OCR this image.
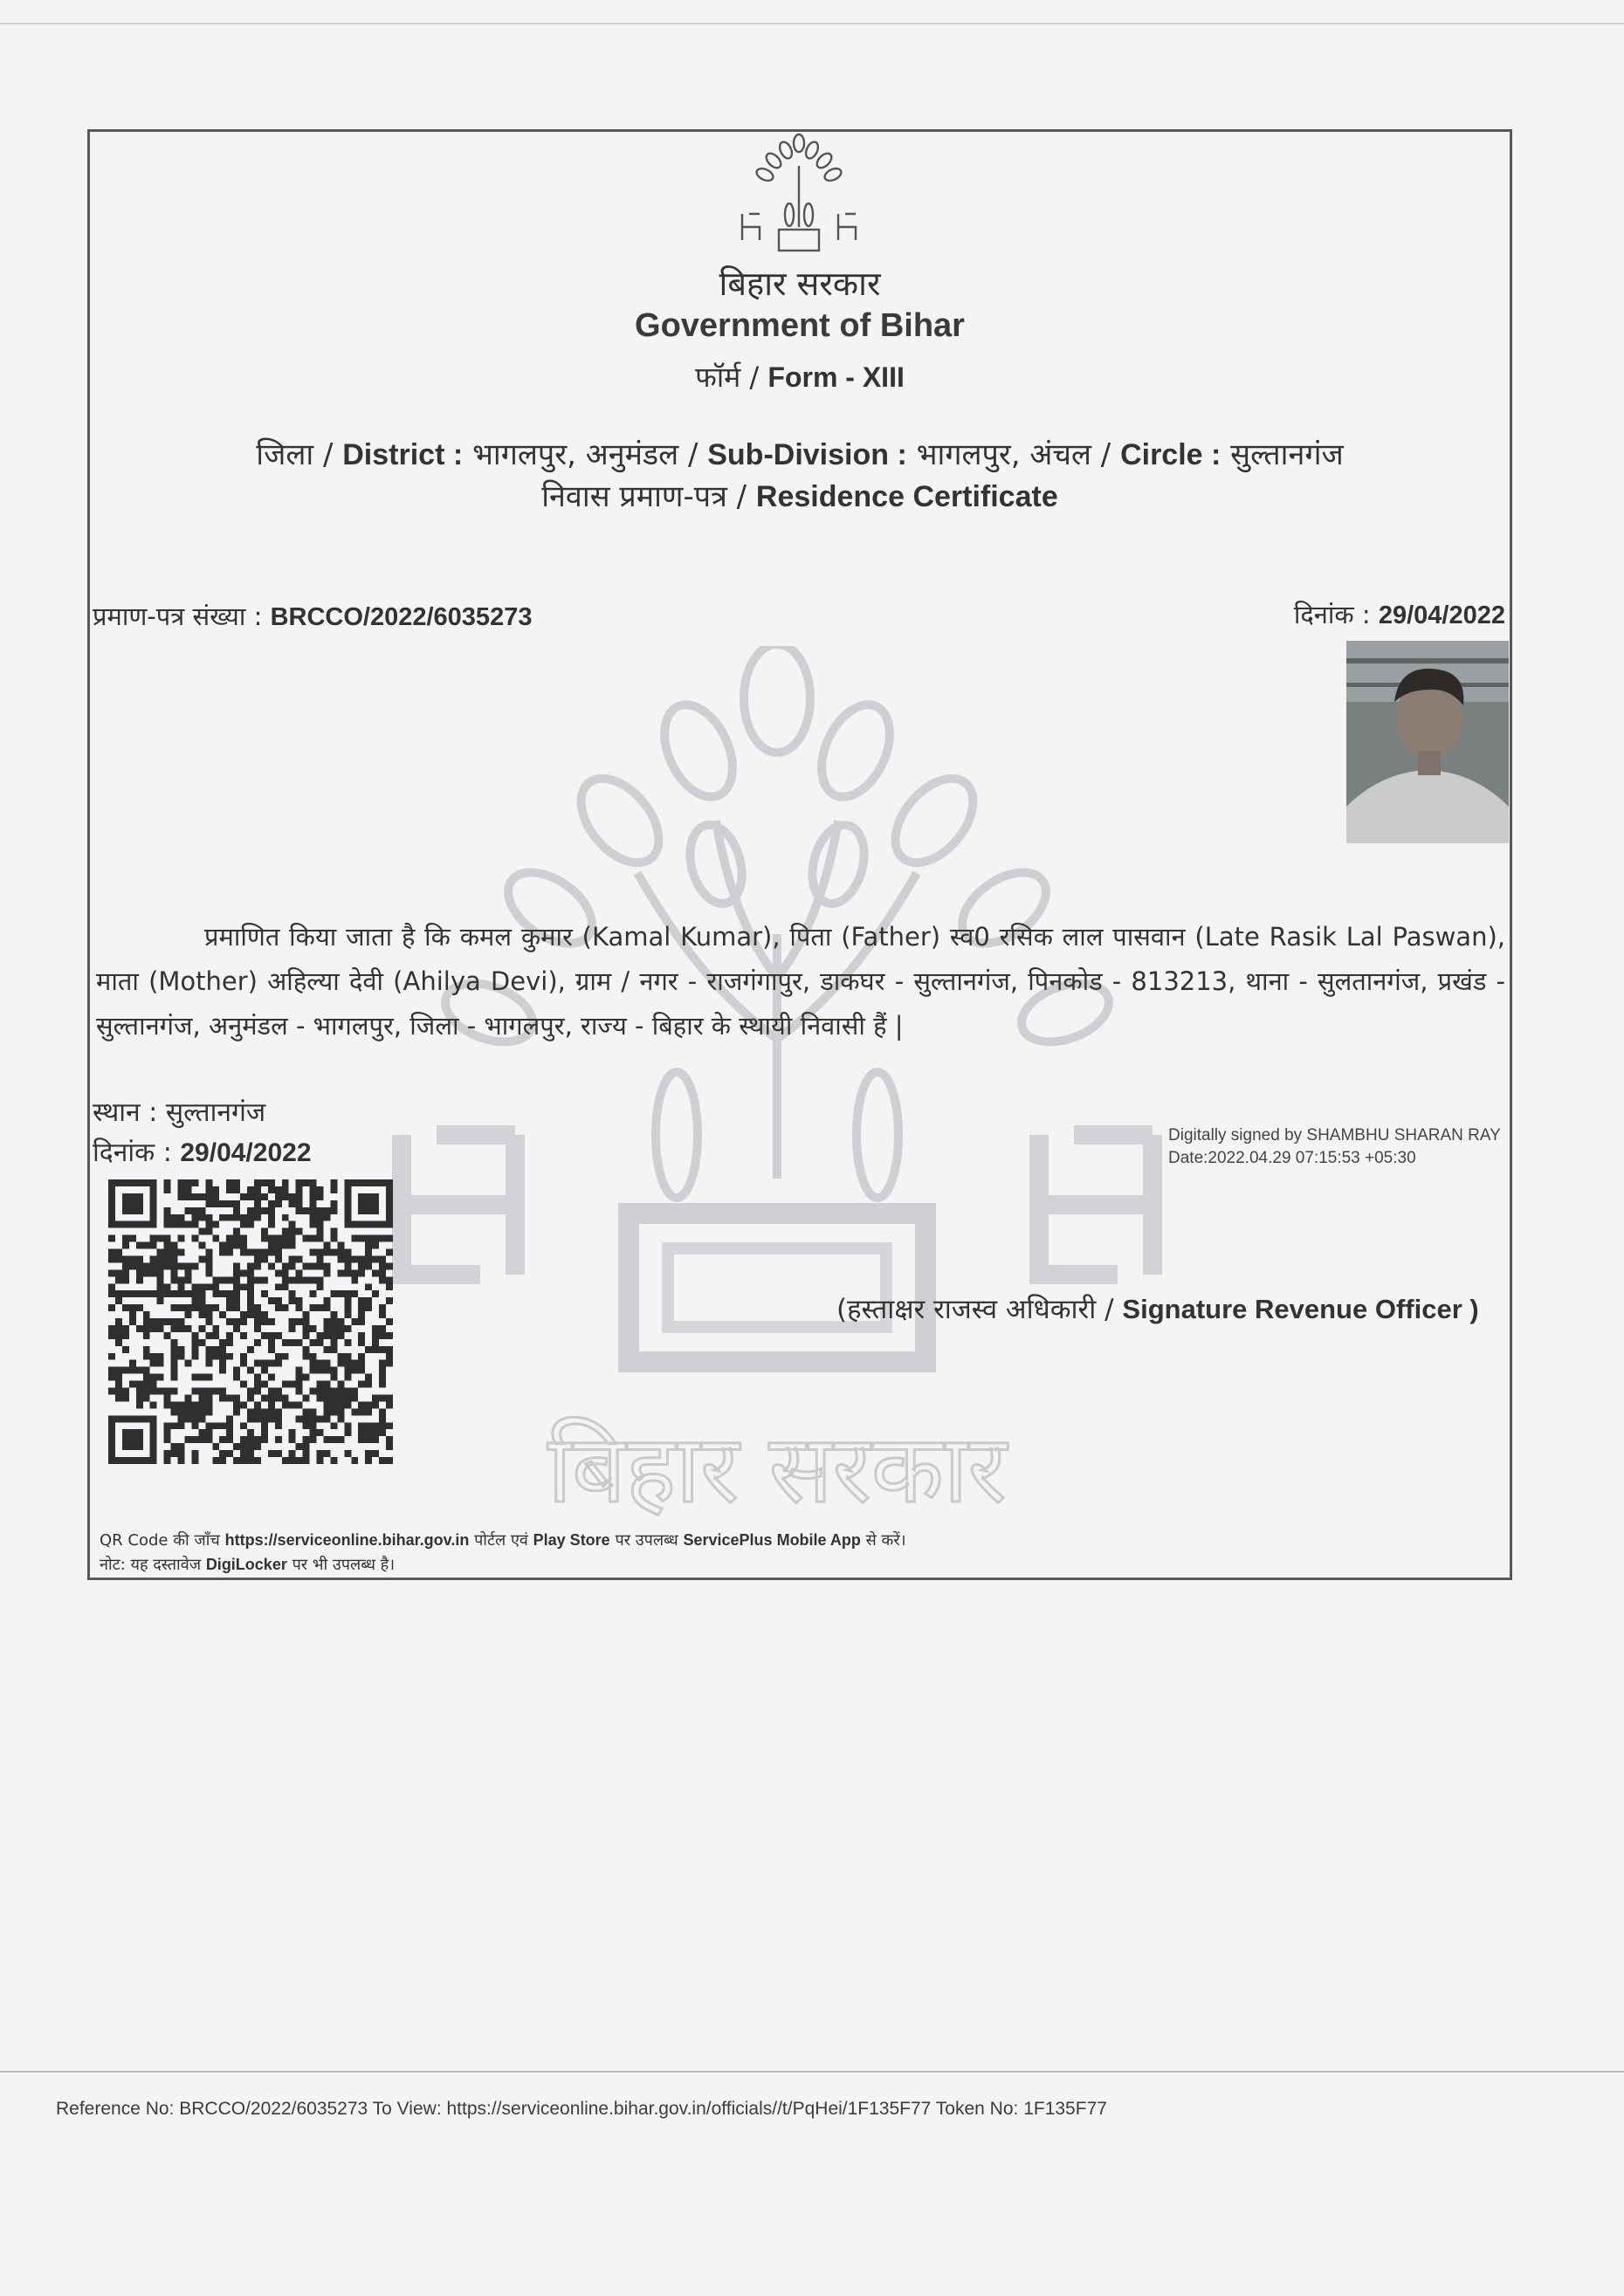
बिहार सरकार
बिहार सरकार
Government of Bihar
फॉर्म / Form - XIII
जिला / District : भागलपुर, अनुमंडल / Sub-Division : भागलपुर, अंचल / Circle : सुल्तानगंज
निवास प्रमाण-पत्र / Residence Certificate
प्रमाण-पत्र संख्या : BRCCO/2022/6035273	दिनांक : 29/04/2022
प्रमाणित किया जाता है कि कमल कुमार (Kamal Kumar), पिता (Father) स्व0 रसिक लाल पासवान (Late Rasik Lal Paswan), माता (Mother) अहिल्या देवी (Ahilya Devi), ग्राम / नगर - राजगंगापुर, डाकघर - सुल्तानगंज, पिनकोड - 813213, थाना - सुलतानगंज, प्रखंड - सुल्तानगंज, अनुमंडल - भागलपुर, जिला - भागलपुर, राज्य - बिहार के स्थायी निवासी हैं |
स्थान : सुल्तानगंज
दिनांक : 29/04/2022
Digitally signed by SHAMBHU SHARAN RAY
Date:2022.04.29 07:15:53 +05:30
(हस्ताक्षर राजस्व अधिकारी / Signature Revenue Officer )
QR Code की जाँच https://serviceonline.bihar.gov.in पोर्टल एवं Play Store पर उपलब्ध ServicePlus Mobile App से करें।
नोट: यह दस्तावेज DigiLocker पर भी उपलब्ध है।
Reference No: BRCCO/2022/6035273 To View: https://serviceonline.bihar.gov.in/officials//t/PqHei/1F135F77 Token No: 1F135F77
